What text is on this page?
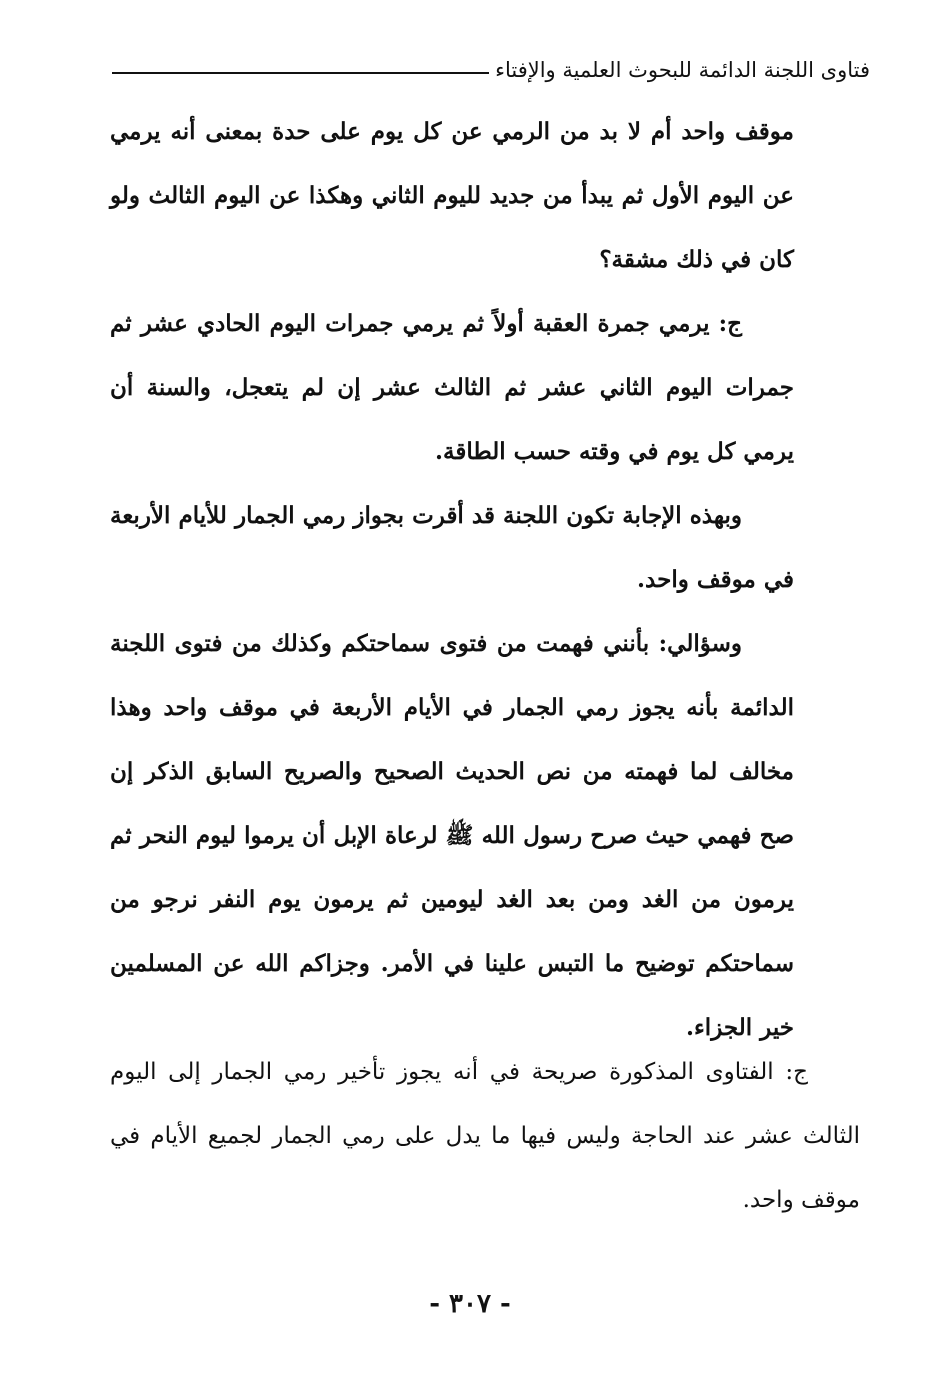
فتاوى اللجنة الدائمة للبحوث العلمية والإفتاء

موقف واحد أم لا بد من الرمي عن كل يوم على حدة بمعنى أنه يرمي عن اليوم الأول ثم يبدأ من جديد لليوم الثاني وهكذا عن اليوم الثالث ولو كان في ذلك مشقة؟

ج: يرمي جمرة العقبة أولاً ثم يرمي جمرات اليوم الحادي عشر ثم جمرات اليوم الثاني عشر ثم الثالث عشر إن لم يتعجل، والسنة أن يرمي كل يوم في وقته حسب الطاقة.

وبهذه الإجابة تكون اللجنة قد أقرت بجواز رمي الجمار للأيام الأربعة في موقف واحد.

وسؤالي: بأنني فهمت من فتوى سماحتكم وكذلك من فتوى اللجنة الدائمة بأنه يجوز رمي الجمار في الأيام الأربعة في موقف واحد وهذا مخالف لما فهمته من نص الحديث الصحيح والصريح السابق الذكر إن صح فهمي حيث صرح رسول الله ﷺ لرعاة الإبل أن يرموا ليوم النحر ثم يرمون من الغد ومن بعد الغد ليومين ثم يرمون يوم النفر نرجو من سماحتكم توضيح ما التبس علينا في الأمر. وجزاكم الله عن المسلمين خير الجزاء.

ج: الفتاوى المذكورة صريحة في أنه يجوز تأخير رمي الجمار إلى اليوم الثالث عشر عند الحاجة وليس فيها ما يدل على رمي الجمار لجميع الأيام في موقف واحد.

- ٣٠٧ -
